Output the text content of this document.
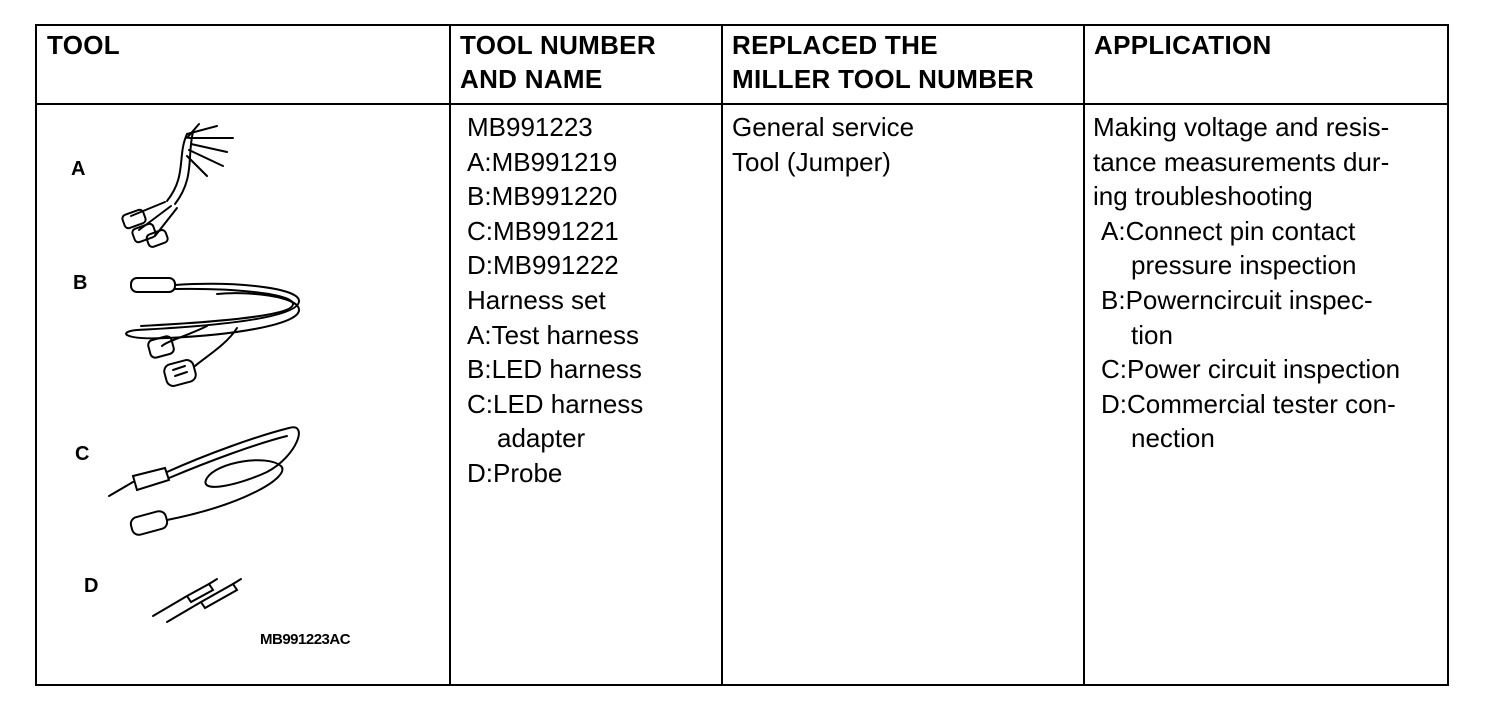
TOOL	TOOL NUMBER
AND NAME
REPLACED THE
MILLER TOOL NUMBER
APPLICATION
A
B
C
D
MB991223AC
MB991223
A:MB991219
B:MB991220
C:MB991221
D:MB991222
Harness set
A:Test harness
B:LED harness
C:LED harness
adapter
D:Probe
General service
Tool (Jumper)
Making voltage and resis-
tance measurements dur-
ing troubleshooting
A:Connect pin contact
pressure inspection
B:Powerncircuit inspec-
tion
C:Power circuit inspection
D:Commercial tester con-
nection
